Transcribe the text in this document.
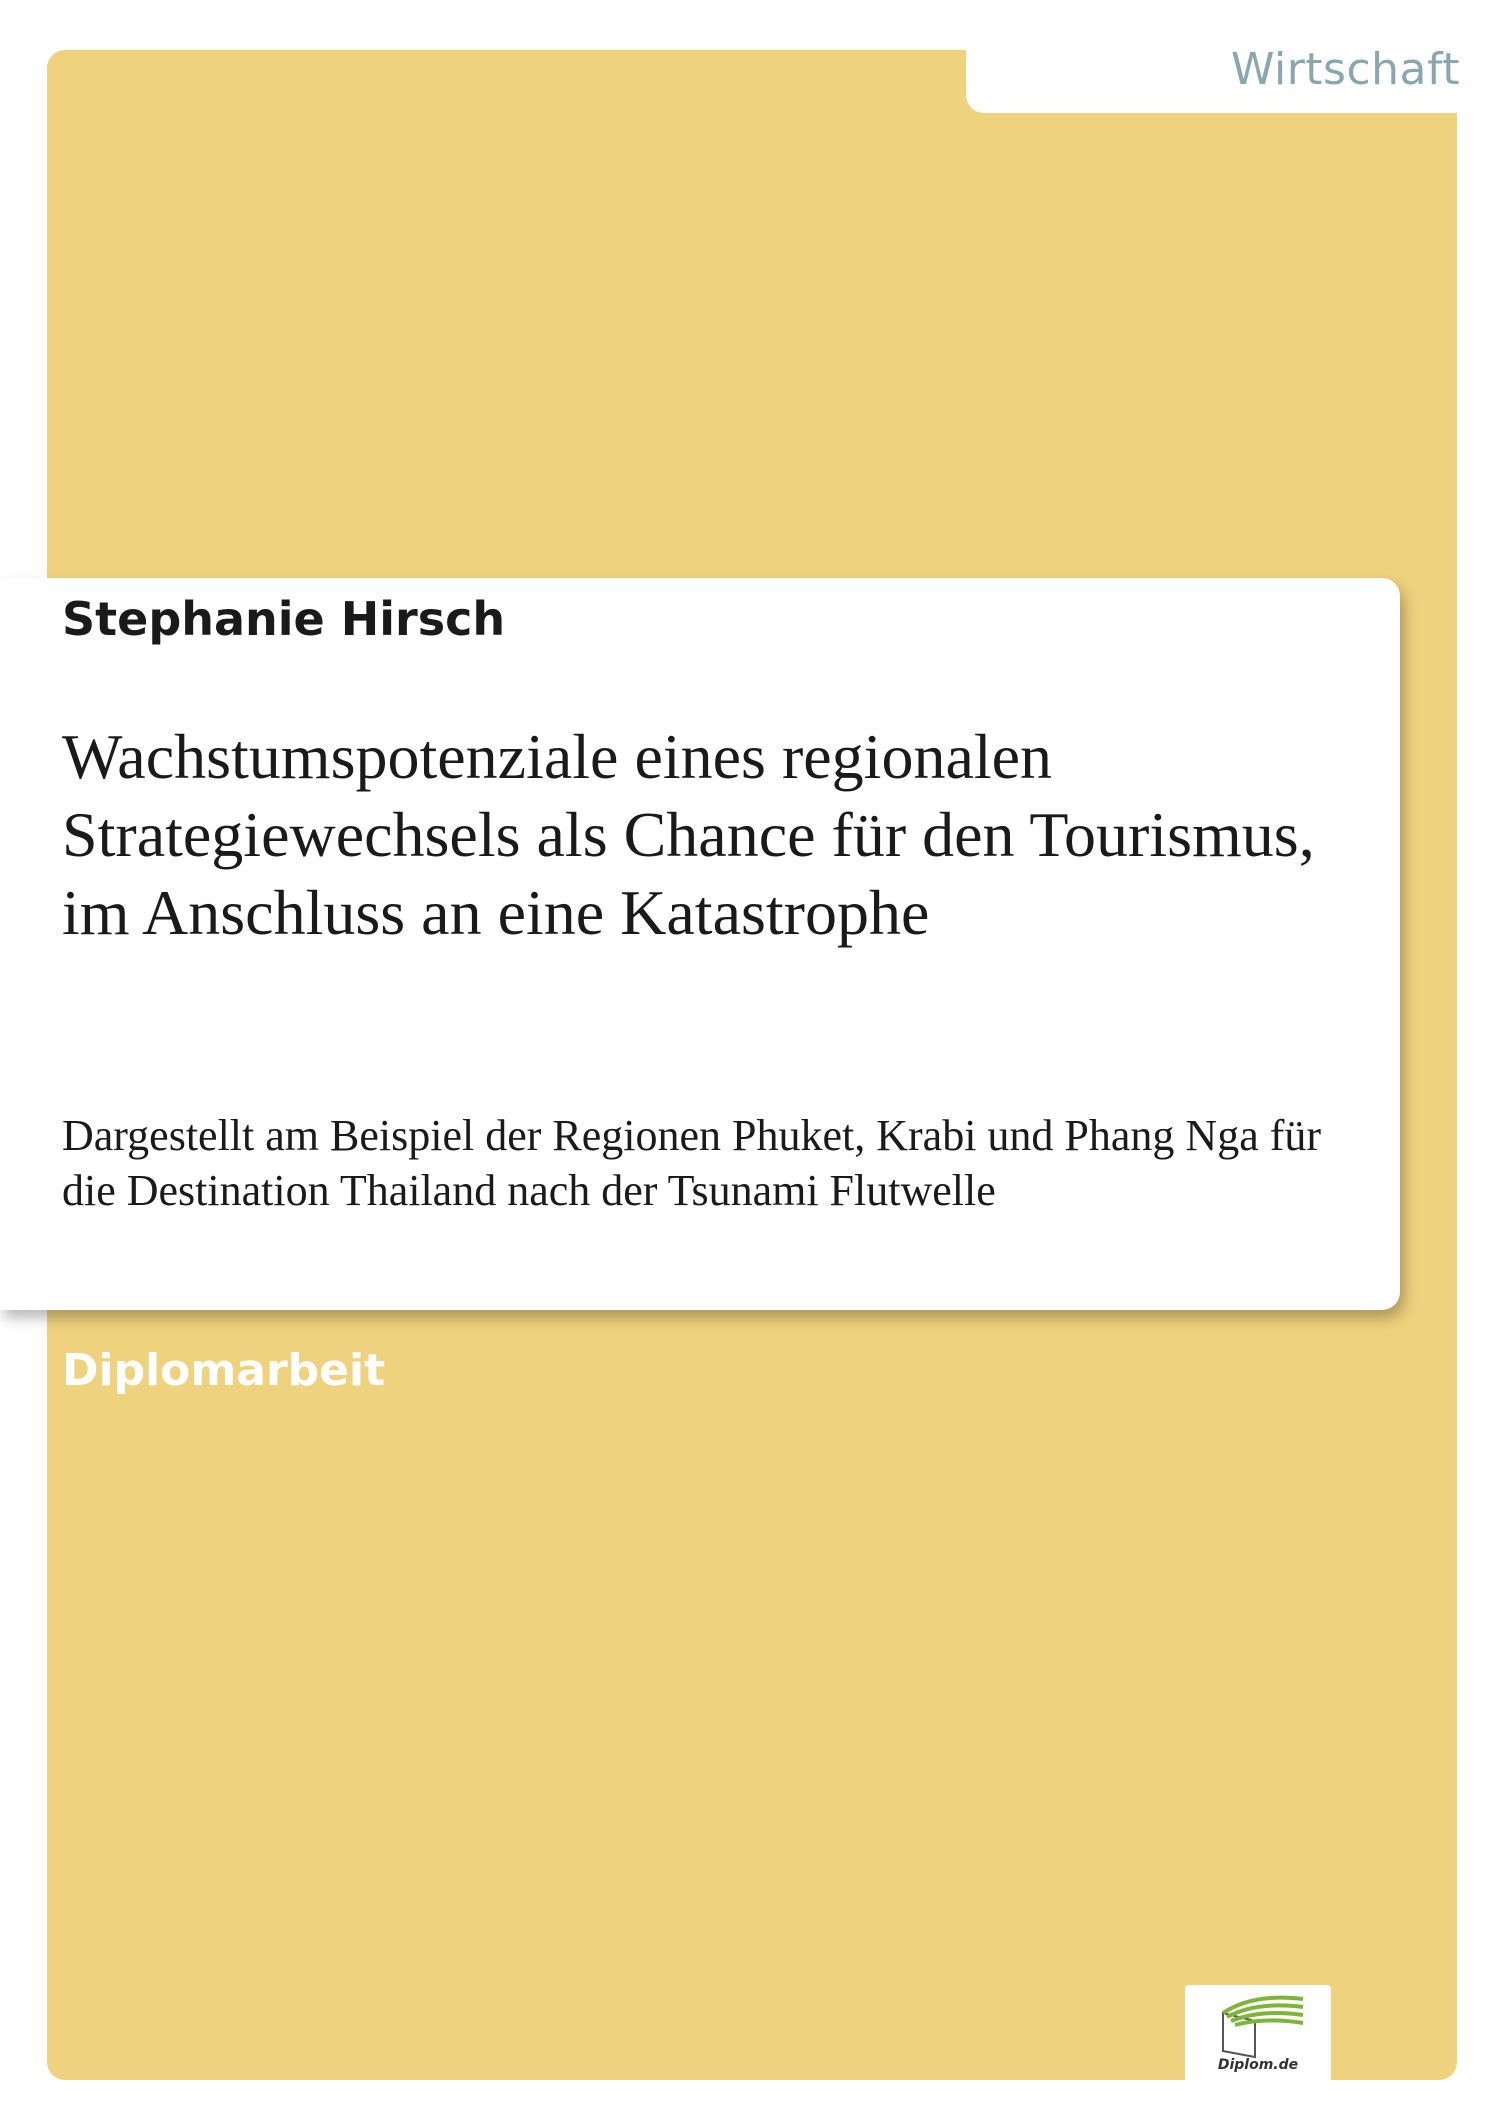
Wirtschaft
Stephanie Hirsch
Wachstumspotenziale eines regionalen Strategiewechsels als Chance für den Tourismus, im Anschluss an eine Katastrophe

Dargestellt am Beispiel der Regionen Phuket, Krabi und Phang Nga für die Destination Thailand nach der Tsunami Flutwelle

Diplomarbeit
Diplom.de
